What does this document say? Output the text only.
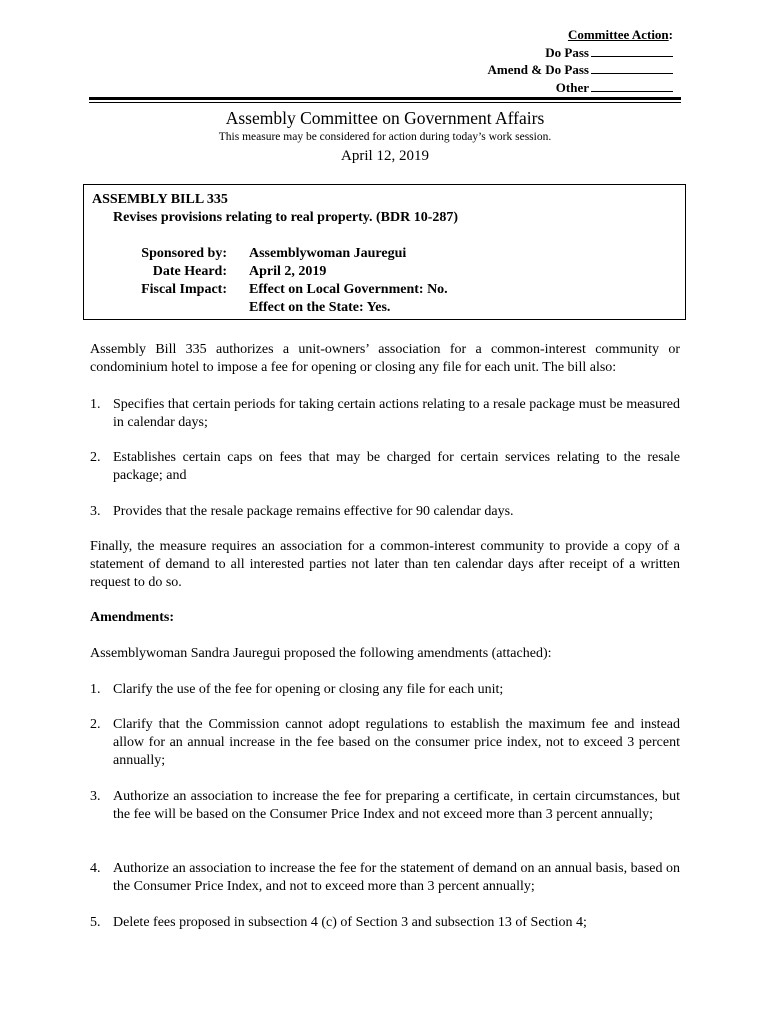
Committee Action:
Do Pass
Amend & Do Pass
Other
Assembly Committee on Government Affairs
This measure may be considered for action during today’s work session.
April 12, 2019
ASSEMBLY BILL 335
Revises provisions relating to real property. (BDR 10-287)
Sponsored by: Assemblywoman Jauregui
Date Heard: April 2, 2019
Fiscal Impact: Effect on Local Government: No.
Effect on the State: Yes.
Assembly Bill 335 authorizes a unit-owners’ association for a common-interest community or condominium hotel to impose a fee for opening or closing any file for each unit. The bill also:
1. Specifies that certain periods for taking certain actions relating to a resale package must be measured in calendar days;
2. Establishes certain caps on fees that may be charged for certain services relating to the resale package; and
3. Provides that the resale package remains effective for 90 calendar days.
Finally, the measure requires an association for a common-interest community to provide a copy of a statement of demand to all interested parties not later than ten calendar days after receipt of a written request to do so.
Amendments:
Assemblywoman Sandra Jauregui proposed the following amendments (attached):
1. Clarify the use of the fee for opening or closing any file for each unit;
2. Clarify that the Commission cannot adopt regulations to establish the maximum fee and instead allow for an annual increase in the fee based on the consumer price index, not to exceed 3 percent annually;
3. Authorize an association to increase the fee for preparing a certificate, in certain circumstances, but the fee will be based on the Consumer Price Index and not exceed more than 3 percent annually;
4. Authorize an association to increase the fee for the statement of demand on an annual basis, based on the Consumer Price Index, and not to exceed more than 3 percent annually;
5. Delete fees proposed in subsection 4 (c) of Section 3 and subsection 13 of Section 4;
